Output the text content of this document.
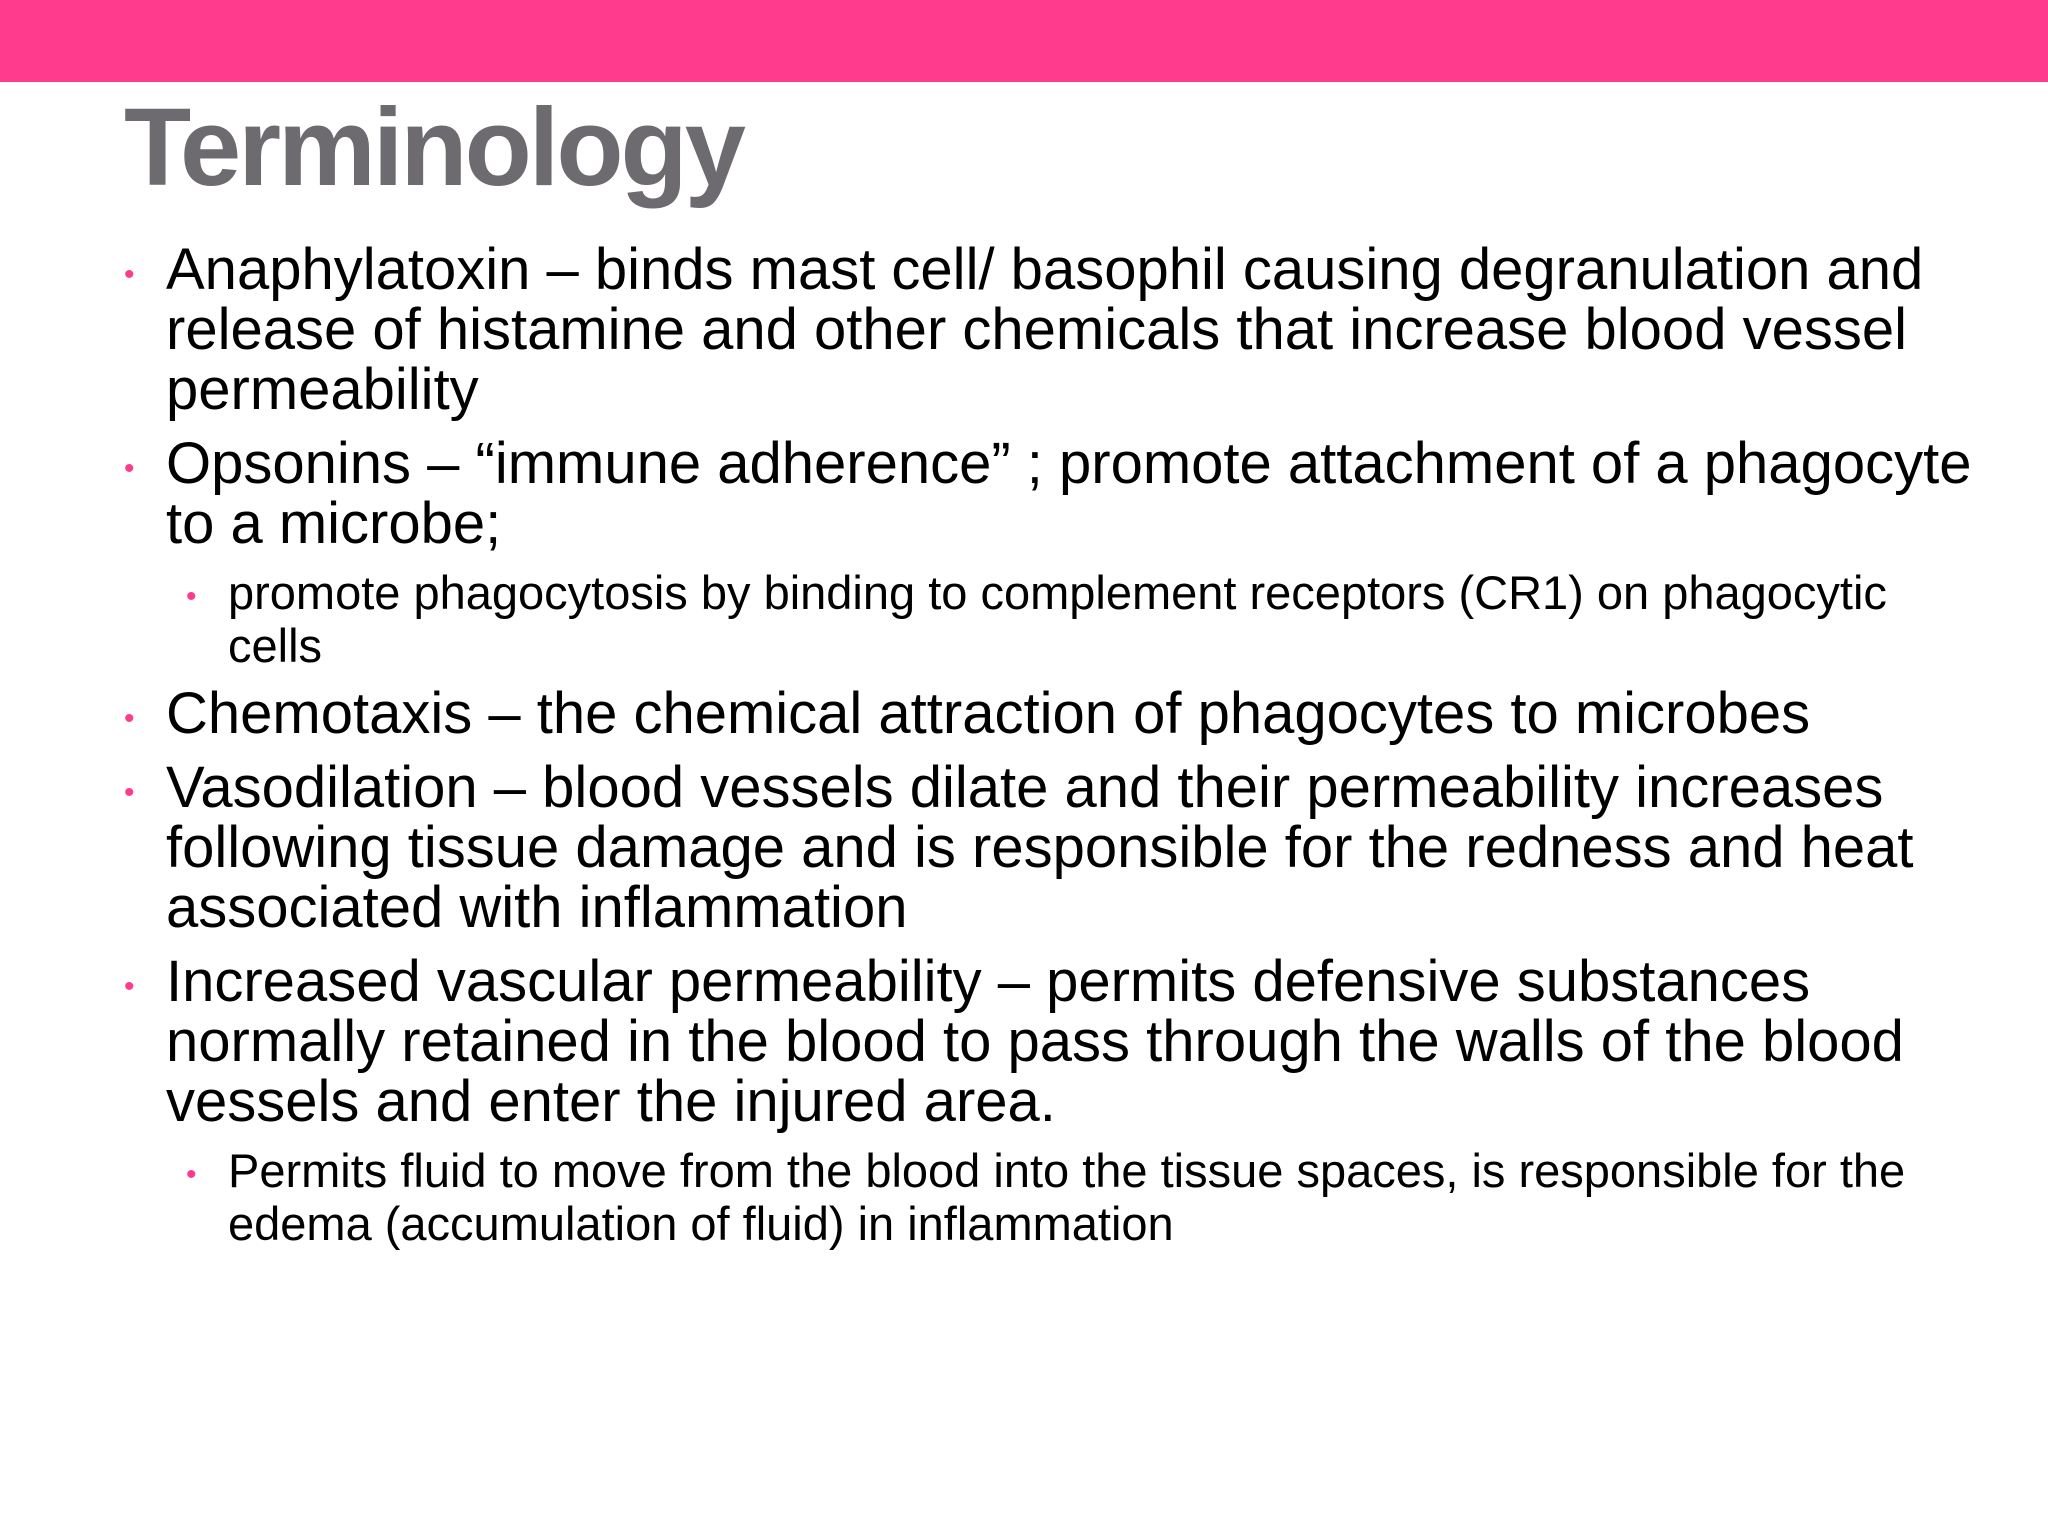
Terminology
• Anaphylatoxin – binds mast cell/ basophil causing degranulation and release of histamine and other chemicals that increase blood vessel permeability
• Opsonins – “immune adherence” ; promote attachment of a phagocyte to a microbe;
• promote phagocytosis by binding to complement receptors (CR1) on phagocytic cells
• Chemotaxis – the chemical attraction of phagocytes to microbes
• Vasodilation – blood vessels dilate and their permeability increases following tissue damage and is responsible for the redness and heat associated with inflammation
• Increased vascular permeability – permits defensive substances normally retained in the blood to pass through the walls of the blood vessels and enter the injured area.
• Permits fluid to move from the blood into the tissue spaces, is responsible for the edema (accumulation of fluid) in inflammation
